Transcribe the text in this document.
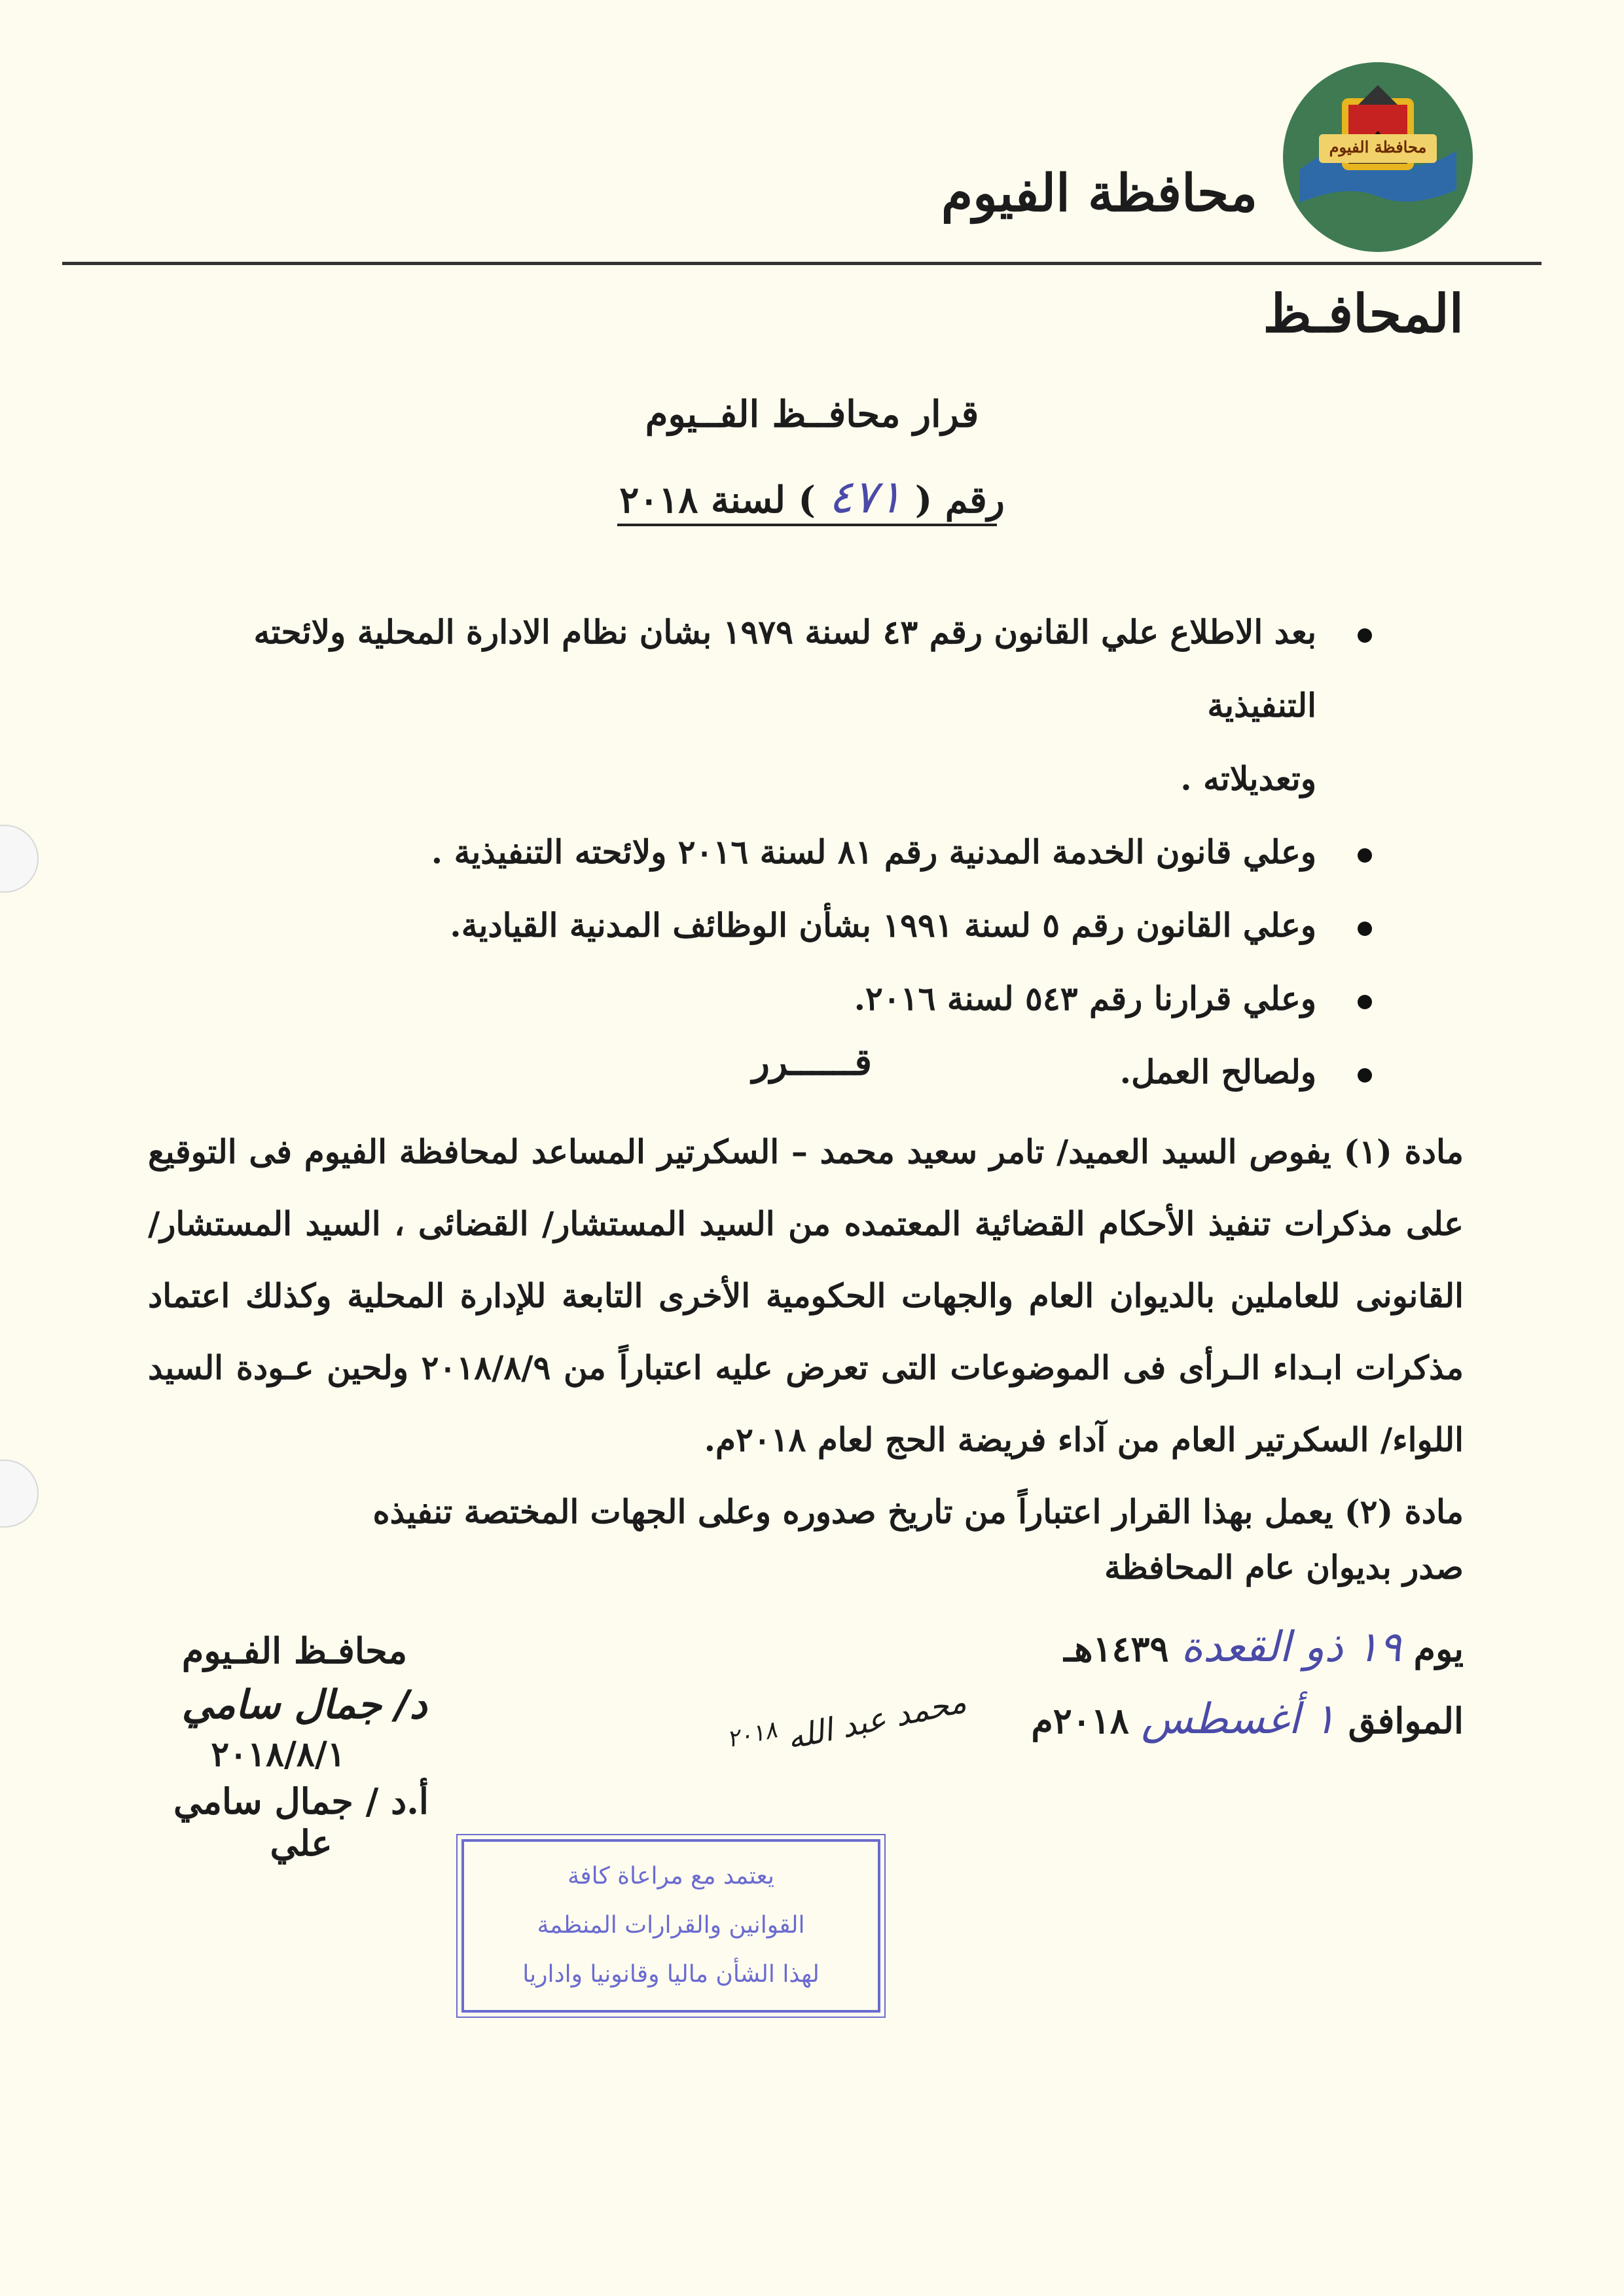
محافظة الفيوم
محافظة الفيوم
المحافـظ
قرار محافــظ الفــيوم
رقم ( ٤٧١ ) لسنة ٢٠١٨
بعد الاطلاع علي القانون رقم ٤٣ لسنة ١٩٧٩ بشان نظام الادارة المحلية ولائحته التنفيذية
وتعديلاته .
وعلي قانون الخدمة المدنية رقم ٨١ لسنة ٢٠١٦ ولائحته التنفيذية .
وعلي القانون رقم ٥ لسنة ١٩٩١ بشأن الوظائف المدنية القيادية.
وعلي قرارنا رقم ٥٤٣ لسنة ٢٠١٦.
ولصالح العمل.
قــــــرر
مادة (١) يفوص السيد العميد/ تامر سعيد محمد – السكرتير المساعد لمحافظة الفيوم فى التوقيع على مذكرات تنفيذ الأحكام القضائية المعتمده من السيد المستشار/ القضائى ، السيد المستشار/ القانونى للعاملين بالديوان العام والجهات الحكومية الأخرى التابعة للإدارة المحلية وكذلك اعتماد مذكرات ابـداء الـرأى فى الموضوعات التى تعرض عليه اعتباراً من ٢٠١٨/٨/٩ ولحين عـودة السيد اللواء/ السكرتير العام من آداء فريضة الحج لعام ٢٠١٨م.
مادة (٢) يعمل بهذا القرار اعتباراً من تاريخ صدوره وعلى الجهات المختصة تنفيذه
صدر بديوان عام المحافظة
يوم ١٩ ذو القعدة ١٤٣٩هـ
الموافق ١ أغسطس ٢٠١٨م
محافـظ الفـيوم
د/ جمال سامي
٢٠١٨/٨/١
أ.د / جمال سامي علي
محمد عبد الله
٢٠١٨
يعتمد مع مراعاة كافة
القوانين والقرارات المنظمة
لهذا الشأن ماليا وقانونيا واداريا
